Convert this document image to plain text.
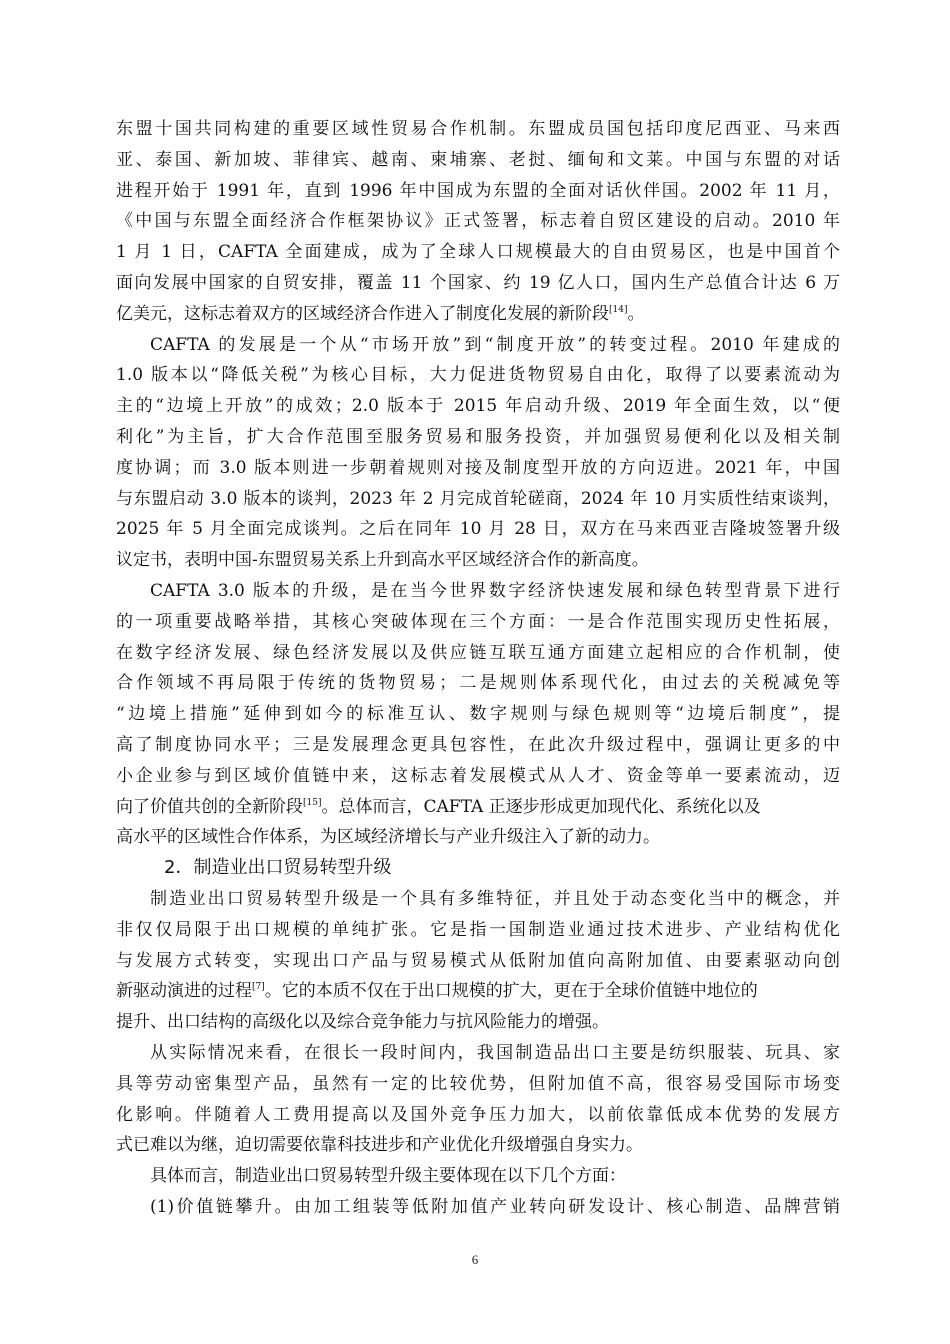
东盟十国共同构建的重要区域性贸易合作机制。东盟成员国包括印度尼西亚、马来西
亚、泰国、新加坡、菲律宾、越南、柬埔寨、老挝、缅甸和文莱。中国与东盟的对话
进程开始于 1991 年，直到 1996 年中国成为东盟的全面对话伙伴国。2002 年 11 月，
《中国与东盟全面经济合作框架协议》正式签署，标志着自贸区建设的启动。2010 年
1 月 1 日，CAFTA 全面建成，成为了全球人口规模最大的自由贸易区，也是中国首个
面向发展中国家的自贸安排，覆盖 11 个国家、约 19 亿人口，国内生产总值合计达 6 万
亿美元，这标志着双方的区域经济合作进入了制度化发展的新阶段[14]。
CAFTA 的发展是一个从“市场开放”到“制度开放”的转变过程。2010 年建成的
1.0 版本以“降低关税”为核心目标，大力促进货物贸易自由化，取得了以要素流动为
主的“边境上开放”的成效；2.0 版本于 2015 年启动升级、2019 年全面生效，以“便
利化”为主旨，扩大合作范围至服务贸易和服务投资，并加强贸易便利化以及相关制
度协调；而 3.0 版本则进一步朝着规则对接及制度型开放的方向迈进。2021 年，中国
与东盟启动 3.0 版本的谈判，2023 年 2 月完成首轮磋商，2024 年 10 月实质性结束谈判，
2025 年 5 月全面完成谈判。之后在同年 10 月 28 日，双方在马来西亚吉隆坡签署升级
议定书，表明中国-东盟贸易关系上升到高水平区域经济合作的新高度。
CAFTA 3.0 版本的升级，是在当今世界数字经济快速发展和绿色转型背景下进行
的一项重要战略举措，其核心突破体现在三个方面：一是合作范围实现历史性拓展，
在数字经济发展、绿色经济发展以及供应链互联互通方面建立起相应的合作机制，使
合作领域不再局限于传统的货物贸易；二是规则体系现代化，由过去的关税减免等
“边境上措施”延伸到如今的标准互认、数字规则与绿色规则等“边境后制度”，提
高了制度协同水平；三是发展理念更具包容性，在此次升级过程中，强调让更多的中
小企业参与到区域价值链中来，这标志着发展模式从人才、资金等单一要素流动，迈
向了价值共创的全新阶段[15]。总体而言，CAFTA 正逐步形成更加现代化、系统化以及
高水平的区域性合作体系，为区域经济增长与产业升级注入了新的动力。
2．制造业出口贸易转型升级
制造业出口贸易转型升级是一个具有多维特征，并且处于动态变化当中的概念，并
非仅仅局限于出口规模的单纯扩张。它是指一国制造业通过技术进步、产业结构优化
与发展方式转变，实现出口产品与贸易模式从低附加值向高附加值、由要素驱动向创
新驱动演进的过程[7]。它的本质不仅在于出口规模的扩大，更在于全球价值链中地位的
提升、出口结构的高级化以及综合竞争能力与抗风险能力的增强。
从实际情况来看，在很长一段时间内，我国制造品出口主要是纺织服装、玩具、家
具等劳动密集型产品，虽然有一定的比较优势，但附加值不高，很容易受国际市场变
化影响。伴随着人工费用提高以及国外竞争压力加大，以前依靠低成本优势的发展方
式已难以为继，迫切需要依靠科技进步和产业优化升级增强自身实力。
具体而言，制造业出口贸易转型升级主要体现在以下几个方面：
(1)价值链攀升。由加工组装等低附加值产业转向研发设计、核心制造、品牌营销
6
